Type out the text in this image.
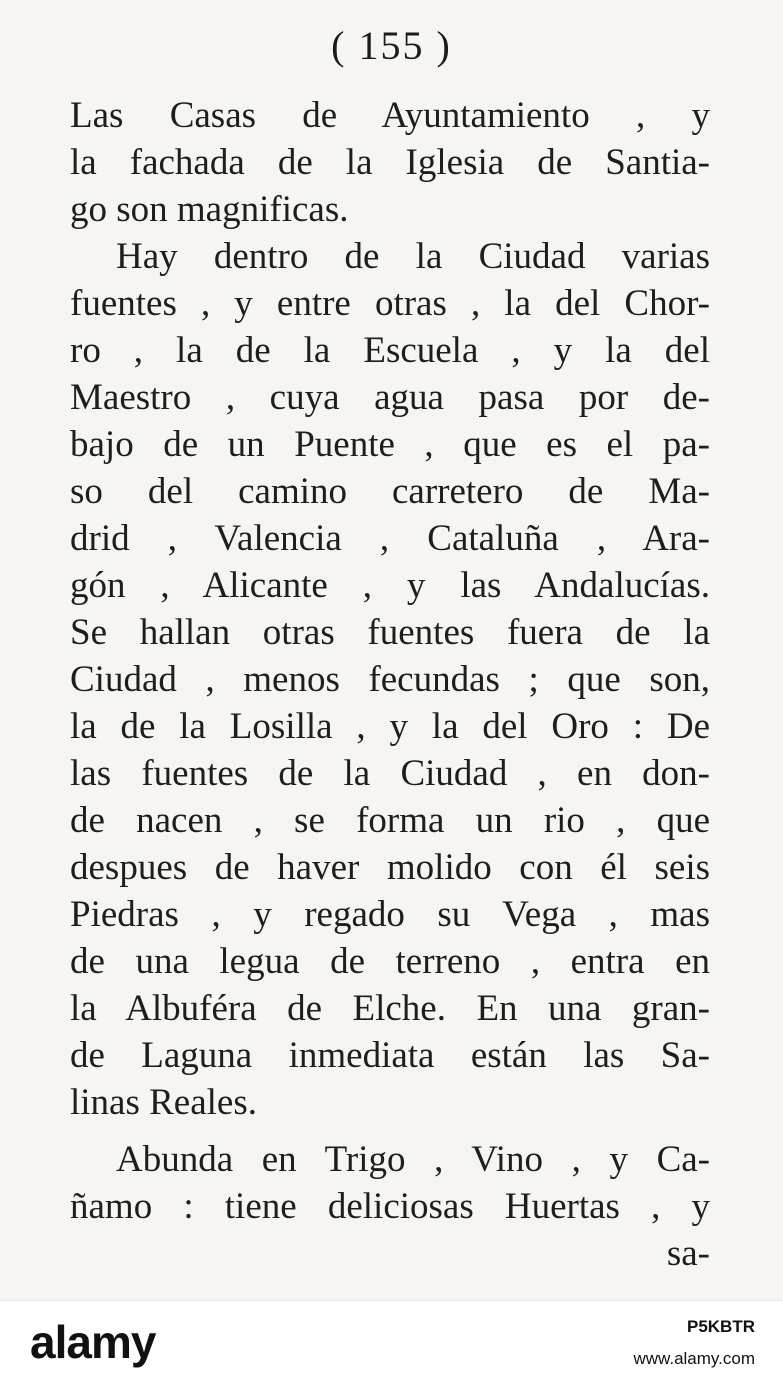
( 155 )
Las Casas de Ayuntamiento , y
la fachada de la Iglesia de Santia-
go son magnificas.
Hay dentro de la Ciudad varias
fuentes , y entre otras , la del Chor-
ro , la de la Escuela , y la del
Maestro , cuya agua pasa por de-
bajo de un Puente , que es el pa-
so del camino carretero de Ma-
drid , Valencia , Cataluña , Ara-
gón , Alicante , y las Andalucías.
Se hallan otras fuentes fuera de la
Ciudad , menos fecundas ; que son,
la de la Losilla , y la del Oro : De
las fuentes de la Ciudad , en don-
de nacen , se forma un rio , que
despues de haver molido con él seis
Piedras , y regado su Vega , mas
de una legua de terreno , entra en
la Albuféra de Elche. En una gran-
de Laguna inmediata están las Sa-
linas Reales.
Abunda en Trigo , Vino , y Ca-
ñamo : tiene deliciosas Huertas , y
sa-
alamy	P5KBTR
www.alamy.com
